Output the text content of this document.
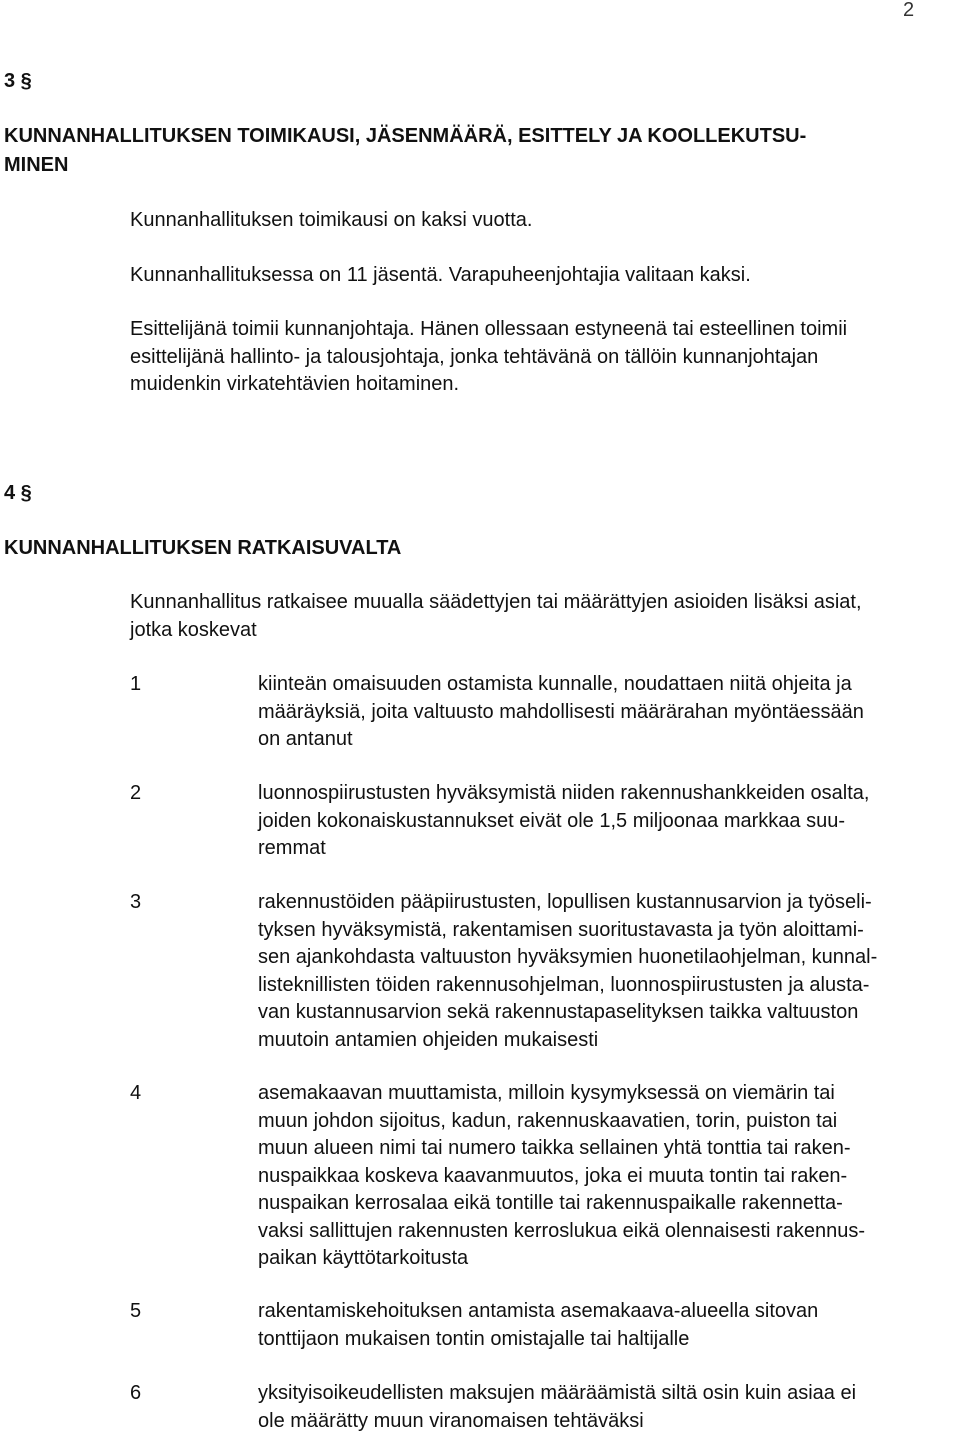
2
3 §
KUNNANHALLITUKSEN TOIMIKAUSI, JÄSENMÄÄRÄ, ESITTELY JA KOOLLEKUTSU-
MINEN

Kunnanhallituksen toimikausi on kaksi vuotta.

Kunnanhallituksessa on 11 jäsentä. Varapuheenjohtajia valitaan kaksi.

Esittelijänä toimii kunnanjohtaja. Hänen ollessaan estyneenä tai esteellinen toimii
esittelijänä hallinto- ja talousjohtaja, jonka tehtävänä on tällöin kunnanjohtajan
muidenkin virkatehtävien hoitaminen.

4 §
KUNNANHALLITUKSEN RATKAISUVALTA

Kunnanhallitus ratkaisee muualla säädettyjen tai määrättyjen asioiden lisäksi asiat,
jotka koskevat

1	kiinteän omaisuuden ostamista kunnalle, noudattaen niitä ohjeita ja
määräyksiä, joita valtuusto mahdollisesti määrärahan myöntäessään
on antanut

2	luonnospiirustusten hyväksymistä niiden rakennushankkeiden osalta,
joiden kokonaiskustannukset eivät ole 1,5 miljoonaa markkaa suu-
remmat

3	rakennustöiden pääpiirustusten, lopullisen kustannusarvion ja työseli-
tyksen hyväksymistä, rakentamisen suoritustavasta ja työn aloittami-
sen ajankohdasta valtuuston hyväksymien huonetilaohjelman, kunnal-
listeknillisten töiden rakennusohjelman, luonnospiirustusten ja alusta-
van kustannusarvion sekä rakennustapaselityksen taikka valtuuston
muutoin antamien ohjeiden mukaisesti

4	asemakaavan muuttamista, milloin kysymyksessä on viemärin tai
muun johdon sijoitus, kadun, rakennuskaavatien, torin, puiston tai
muun alueen nimi tai numero taikka sellainen yhtä tonttia tai raken-
nuspaikkaa koskeva kaavanmuutos, joka ei muuta tontin tai raken-
nuspaikan kerrosalaa eikä tontille tai rakennuspaikalle rakennetta-
vaksi sallittujen rakennusten kerroslukua eikä olennaisesti rakennus-
paikan käyttötarkoitusta

5	rakentamiskehoituksen antamista asemakaava-alueella sitovan
tonttijaon mukaisen tontin omistajalle tai haltijalle

6	yksityisoikeudellisten maksujen määräämistä siltä osin kuin asiaa ei
ole määrätty muun viranomaisen tehtäväksi
